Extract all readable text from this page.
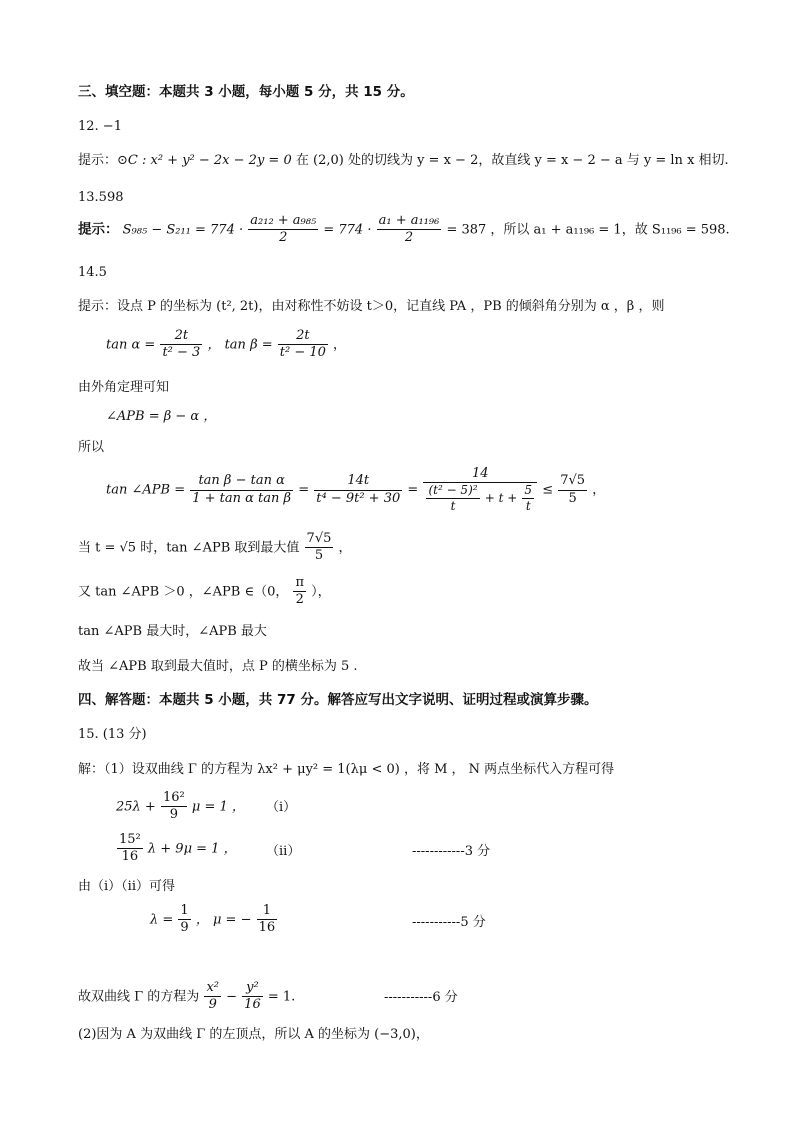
三、填空题：本题共 3 小题，每小题 5 分，共 15 分。
12. −1
提示：⊙C : x² + y² − 2x − 2y = 0 在 (2,0) 处的切线为 y = x − 2，故直线 y = x − 2 − a 与 y = ln x 相切.
13.598
提示： $S_{985} - S_{211} = 774 \cdot \frac{\text{a₂₁₂ + a₉₈₅}}{2} = 774 \cdot \frac{\text{a₁ + a₁₁₉₆}}{2} = 387$ ，所以 a₁ + a₁₁₉₆ = 1，故 S₁₁₉₆ = 598.
14.5
提示：设点 P 的坐标为 (t², 2t)，由对称性不妨设 t＞0，记直线 PA ，PB 的倾斜角分别为 α ，β ，则
$\tan \alpha = \frac{2t}{\text{t² − 3}}$ ， $\tan \beta = \frac{2t}{\text{t² − 10}}$ ，
由外角定理可知
∠APB = β − α ，
所以
tan ∠APB = $\frac{\text{tan β − tan α}}{\text{1 + tan α tan β}} = \frac{14t}{\text{t⁴ − 9t² + 30}} = \frac{14}{\frac{\text{(t² − 5)²}}{t} + t + \frac{5}{t}} \le \frac{7√5}{5}$ ，
当 t = √5 时，tan ∠APB 取到最大值 $\frac{7√5}{5}$ ，
又 tan ∠APB ＞0 ，∠APB ∈（0， $\frac{\pi}{2}$ ），
tan ∠APB 最大时，∠APB 最大
故当 ∠APB 取到最大值时，点 P 的横坐标为 5 .
四、解答题：本题共 5 小题，共 77 分。解答应写出文字说明、证明过程或演算步骤。
15. (13 分)
解：（1）设双曲线 Γ 的方程为 λx² + μy² = 1(λμ < 0) ，将 M ， N 两点坐标代入方程可得
$25\lambda + \frac{\text{16²}}{9}$ μ = 1 ， （i）
$\frac{\text{15²}}{16}$ λ + 9μ = 1 ， （ii）	------------3 分
由（i）（ii）可得
$\lambda = \frac{1}{9}$ ， μ = − $\frac{1}{16}$	-----------5 分
故双曲线 Γ 的方程为 $\frac{\text{x²}}{9} - \frac{\text{y²}}{16} = 1$.	-----------6 分
(2)因为 A 为双曲线 Γ 的左顶点，所以 A 的坐标为 (−3,0)，
